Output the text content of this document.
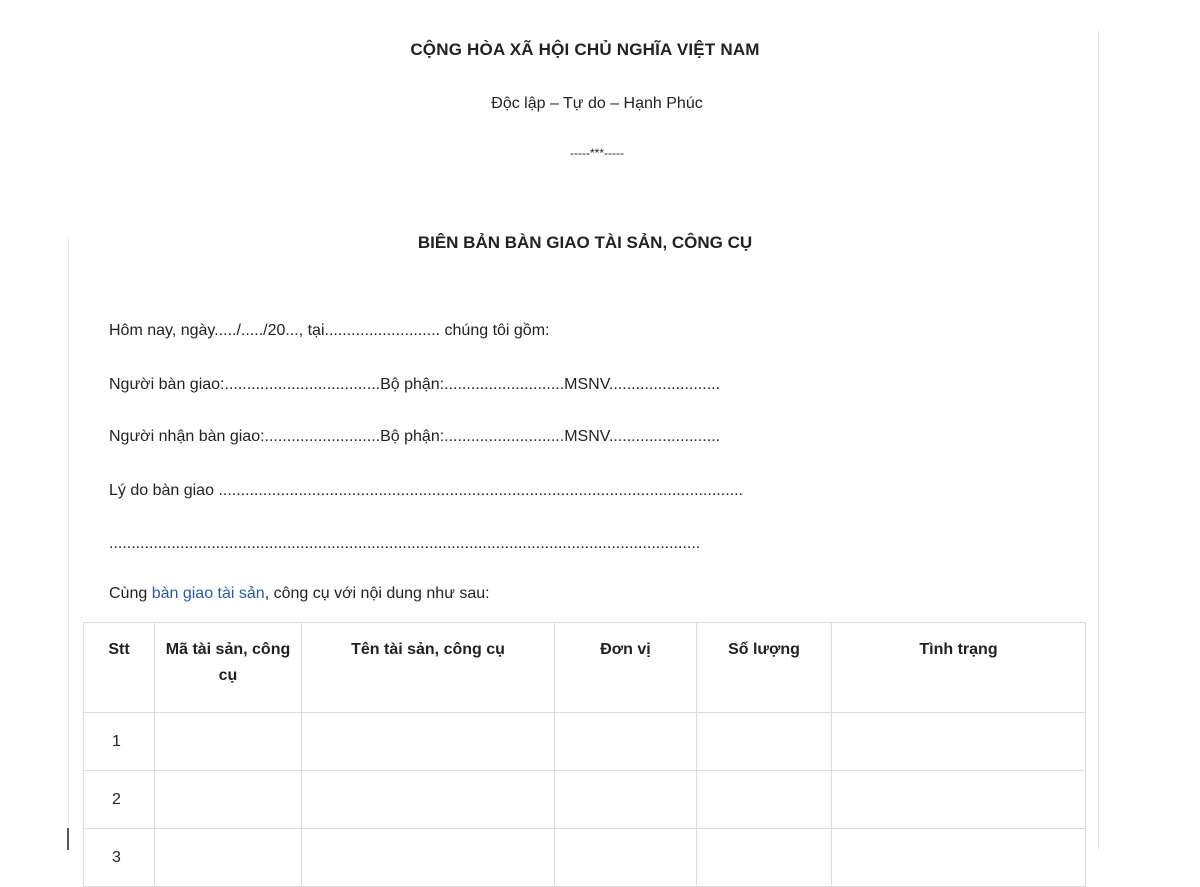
CỘNG HÒA XÃ HỘI CHỦ NGHĨA VIỆT NAM
Độc lập – Tự do – Hạnh Phúc
-----***-----
BIÊN BẢN BÀN GIAO TÀI SẢN, CÔNG CỤ
Hôm nay, ngày...../...../20..., tại.......................... chúng tôi gồm:
Người bàn giao:...................................Bộ phận:...........................MSNV.........................
Người nhận bàn giao:..........................Bộ phận:...........................MSNV.........................
Lý do bàn giao ......................................................................................................................
.....................................................................................................................................
Cùng bàn giao tài sản, công cụ với nội dung như sau:
Stt	Mã tài sản, công cụ	Tên tài sản, công cụ	Đơn vị	Số lượng	Tình trạng
1					
2					
3					
